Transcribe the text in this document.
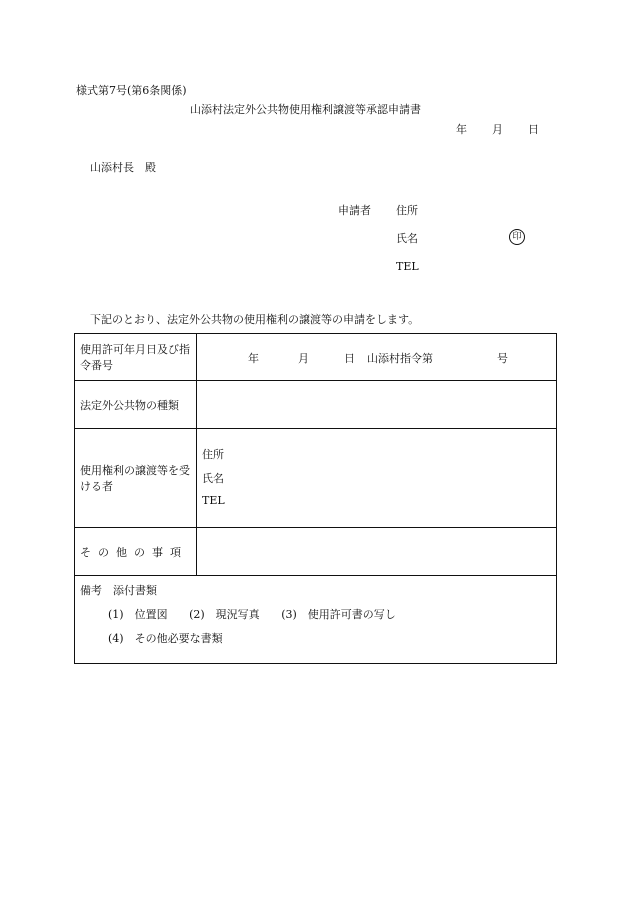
様式第7号(第6条関係)
山添村法定外公共物使用権利譲渡等承認申請書
年 月 日
山添村長　殿
申請者 住所
氏名	印
TEL
下記のとおり、法定外公共物の使用権利の譲渡等の申請をします。
使用許可年月日及び指令番号	年 月 日 山添村指令第 号

法定外公共物の種類	
使用権利の譲渡等を受ける者	住所
氏名
TEL

その他の事項	

備考　添付書類
(1)　位置図 (2)　現況写真 (3)　使用許可書の写し
(4)　その他必要な書類	
